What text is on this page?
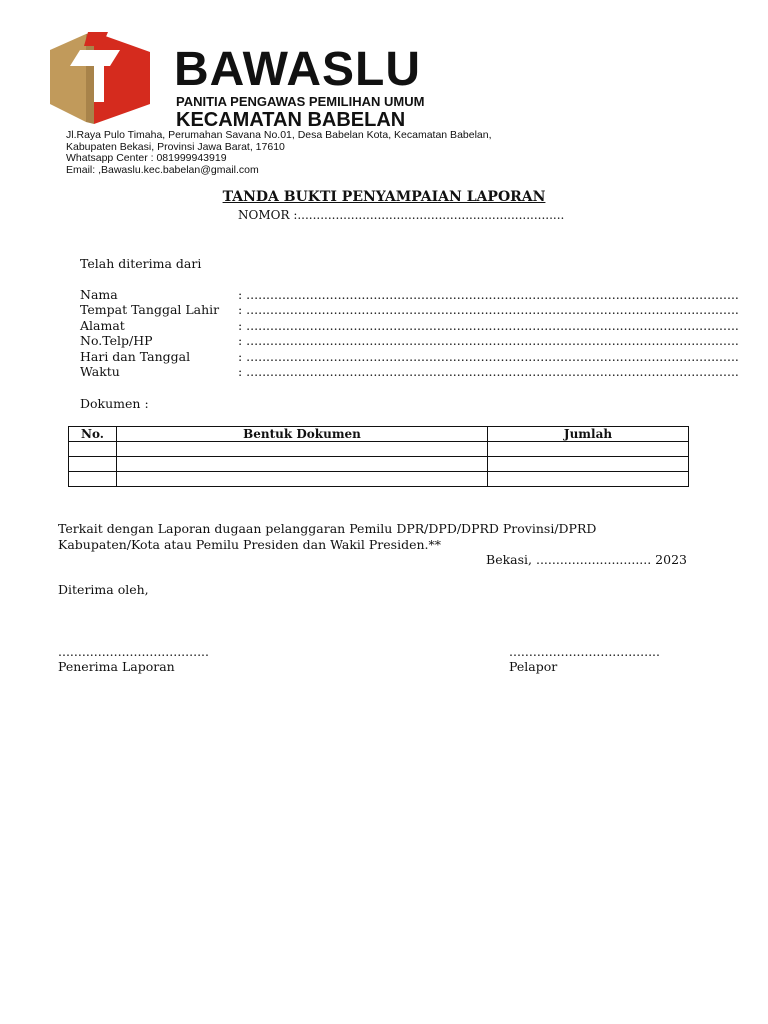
BAWASLU
PANITIA PENGAWAS PEMILIHAN UMUM
KECAMATAN BABELAN
Jl.Raya Pulo Timaha, Perumahan Savana No.01, Desa Babelan Kota, Kecamatan Babelan,
Kabupaten Bekasi, Provinsi Jawa Barat, 17610
Whatsapp Center : 081999943919
Email: ,Bawaslu.kec.babelan@gmail.com
TANDA BUKTI PENYAMPAIAN LAPORAN
NOMOR :......................................................................
Telah diterima dari
Nama	: ............................................................................................................................
Tempat Tanggal Lahir : ............................................................................................................................
Alamat	: ............................................................................................................................
No.Telp/HP	: ............................................................................................................................
Hari dan Tanggal	: ............................................................................................................................
Waktu	: ............................................................................................................................
Dokumen :
No.	Bentuk Dokumen	Jumlah

Terkait dengan Laporan dugaan pelanggaran Pemilu DPR/DPD/DPRD Provinsi/DPRD
Kabupaten/Kota atau Pemilu Presiden dan Wakil Presiden.**
Bekasi, ............................. 2023
Diterima oleh,
......................................
Penerima Laporan
......................................
Pelapor
